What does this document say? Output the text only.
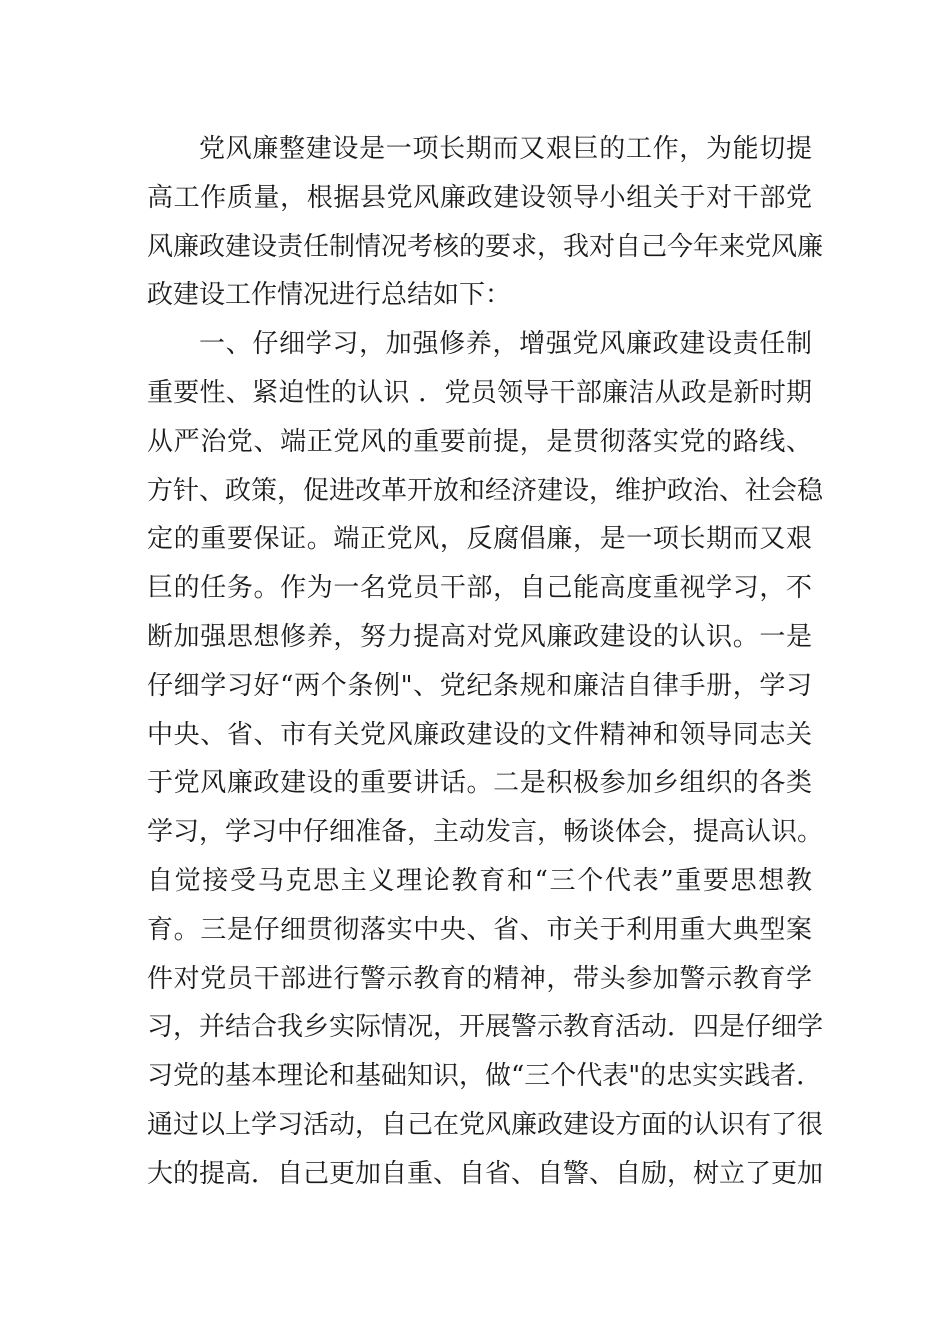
党风廉整建设是一项长期而又艰巨的工作，为能切提
高工作质量，根据县党风廉政建设领导小组关于对干部党
风廉政建设责任制情况考核的要求，我对自己今年来党风廉
政建设工作情况进行总结如下：
一、仔细学习，加强修养，增强党风廉政建设责任制
重要性、紧迫性的认识 ．党员领导干部廉洁从政是新时期
从严治党、端正党风的重要前提，是贯彻落实党的路线、
方针、政策，促进改革开放和经济建设，维护政治、社会稳
定的重要保证。端正党风，反腐倡廉，是一项长期而又艰
巨的任务。作为一名党员干部，自己能高度重视学习，不
断加强思想修养，努力提高对党风廉政建设的认识。一是
仔细学习好“两个条例"、党纪条规和廉洁自律手册，学习
中央、省、市有关党风廉政建设的文件精神和领导同志关
于党风廉政建设的重要讲话。二是积极参加乡组织的各类
学习，学习中仔细准备，主动发言，畅谈体会，提高认识。
自觉接受马克思主义理论教育和“三个代表”重要思想教
育。三是仔细贯彻落实中央、省、市关于利用重大典型案
件对党员干部进行警示教育的精神，带头参加警示教育学
习，并结合我乡实际情况，开展警示教育活动．四是仔细学
习党的基本理论和基础知识，做“三个代表"的忠实实践者．
通过以上学习活动，自己在党风廉政建设方面的认识有了很
大的提高．自己更加自重、自省、自警、自励，树立了更加
